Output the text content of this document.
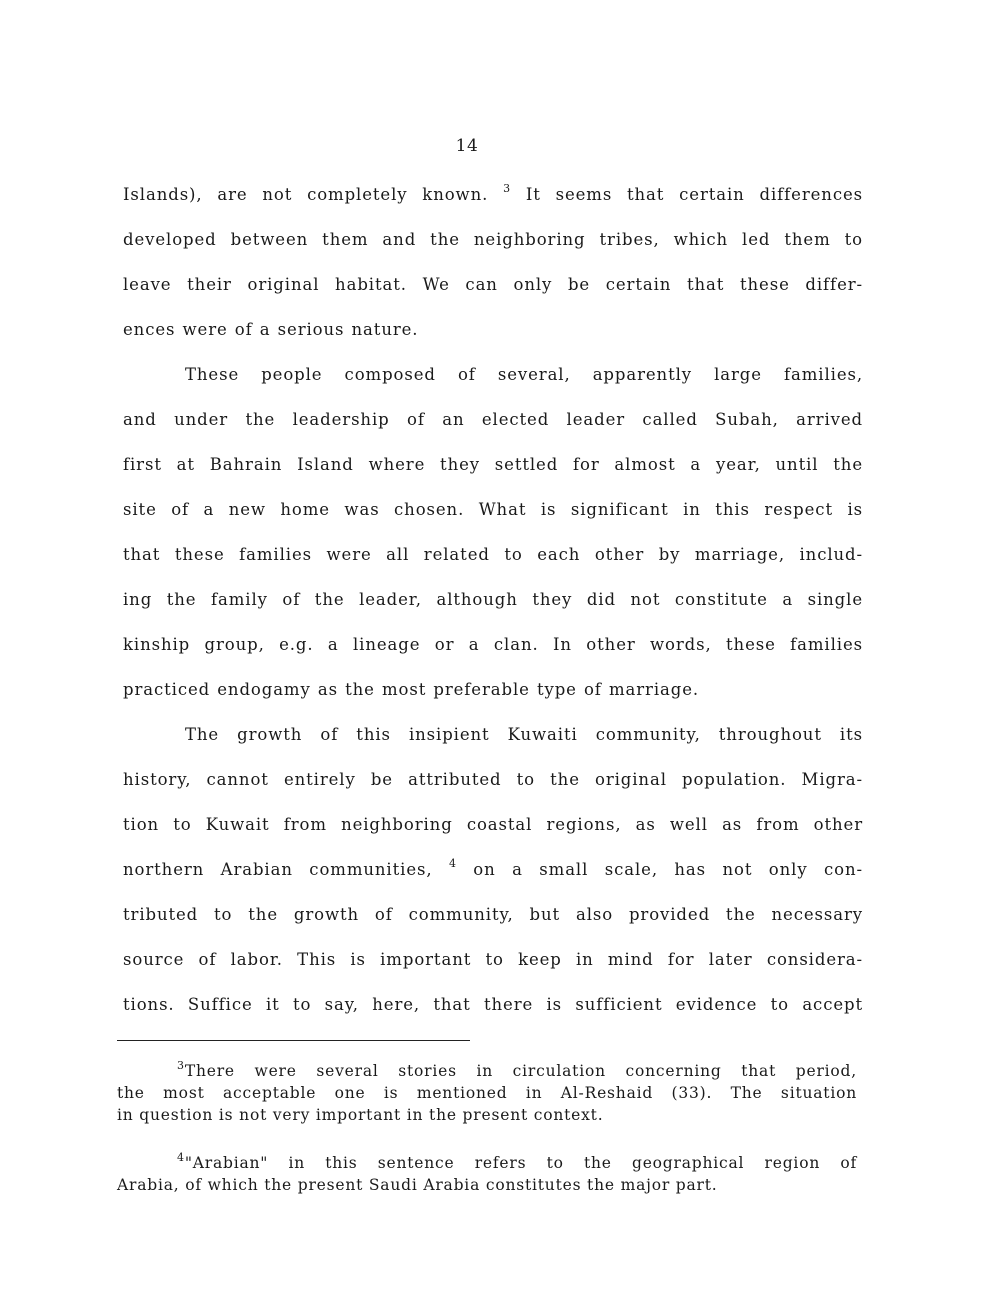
14
Islands), are not completely known. $^3$ It seems that certain differences
developed between them and the neighboring tribes, which led them to
leave their original habitat. We can only be certain that these differ-
ences were of a serious nature.
These people composed of several, apparently large families,
and under the leadership of an elected leader called Subah, arrived
first at Bahrain Island where they settled for almost a year, until the
site of a new home was chosen. What is significant in this respect is
that these families were all related to each other by marriage, includ-
ing the family of the leader, although they did not constitute a single
kinship group, e.g. a lineage or a clan. In other words, these families
practiced endogamy as the most preferable type of marriage.
The growth of this insipient Kuwaiti community, throughout its
history, cannot entirely be attributed to the original population. Migra-
tion to Kuwait from neighboring coastal regions, as well as from other
northern Arabian communities, $^4$ on a small scale, has not only con-
tributed to the growth of community, but also provided the necessary
source of labor. This is important to keep in mind for later considera-
tions. Suffice it to say, here, that there is sufficient evidence to accept
$^3$There were several stories in circulation concerning that period,
the most acceptable one is mentioned in Al-Reshaid (33). The situation
in question is not very important in the present context.
$^4$"Arabian" in this sentence refers to the geographical region of
Arabia, of which the present Saudi Arabia constitutes the major part.
